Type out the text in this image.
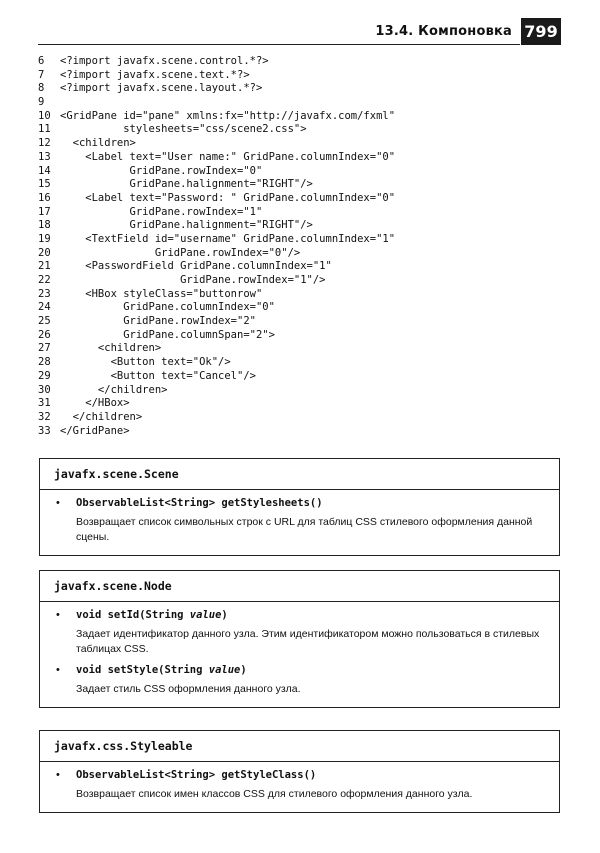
13.4. Компоновка 799
6 <?import javafx.scene.control.*?>
7 <?import javafx.scene.text.*?>
8 <?import javafx.scene.layout.*?>
9
10 <GridPane id="pane" xmlns:fx="http://javafx.com/fxml"
11          stylesheets="css/scene2.css">
12  <children>
13    <Label text="User name:" GridPane.columnIndex="0"
14           GridPane.rowIndex="0"
15           GridPane.halignment="RIGHT"/>
16    <Label text="Password: " GridPane.columnIndex="0"
17           GridPane.rowIndex="1"
18           GridPane.halignment="RIGHT"/>
19    <TextField id="username" GridPane.columnIndex="1"
20               GridPane.rowIndex="0"/>
21    <PasswordField GridPane.columnIndex="1"
22                   GridPane.rowIndex="1"/>
23    <HBox styleClass="buttonrow"
24          GridPane.columnIndex="0"
25          GridPane.rowIndex="2"
26          GridPane.columnSpan="2">
27      <children>
28        <Button text="Ok"/>
29        <Button text="Cancel"/>
30      </children>
31    </HBox>
32  </children>
33 </GridPane>
javafx.scene.Scene
• ObservableList<String> getStylesheets()
Возвращает список символьных строк с URL для таблиц CSS стилевого оформления данной сцены.
javafx.scene.Node
• void setId(String value)
Задает идентификатор данного узла. Этим идентификатором можно пользоваться в стилевых таблицах CSS.
• void setStyle(String value)
Задает стиль CSS оформления данного узла.
javafx.css.Styleable
• ObservableList<String> getStyleClass()
Возвращает список имен классов CSS для стилевого оформления данного узла.
